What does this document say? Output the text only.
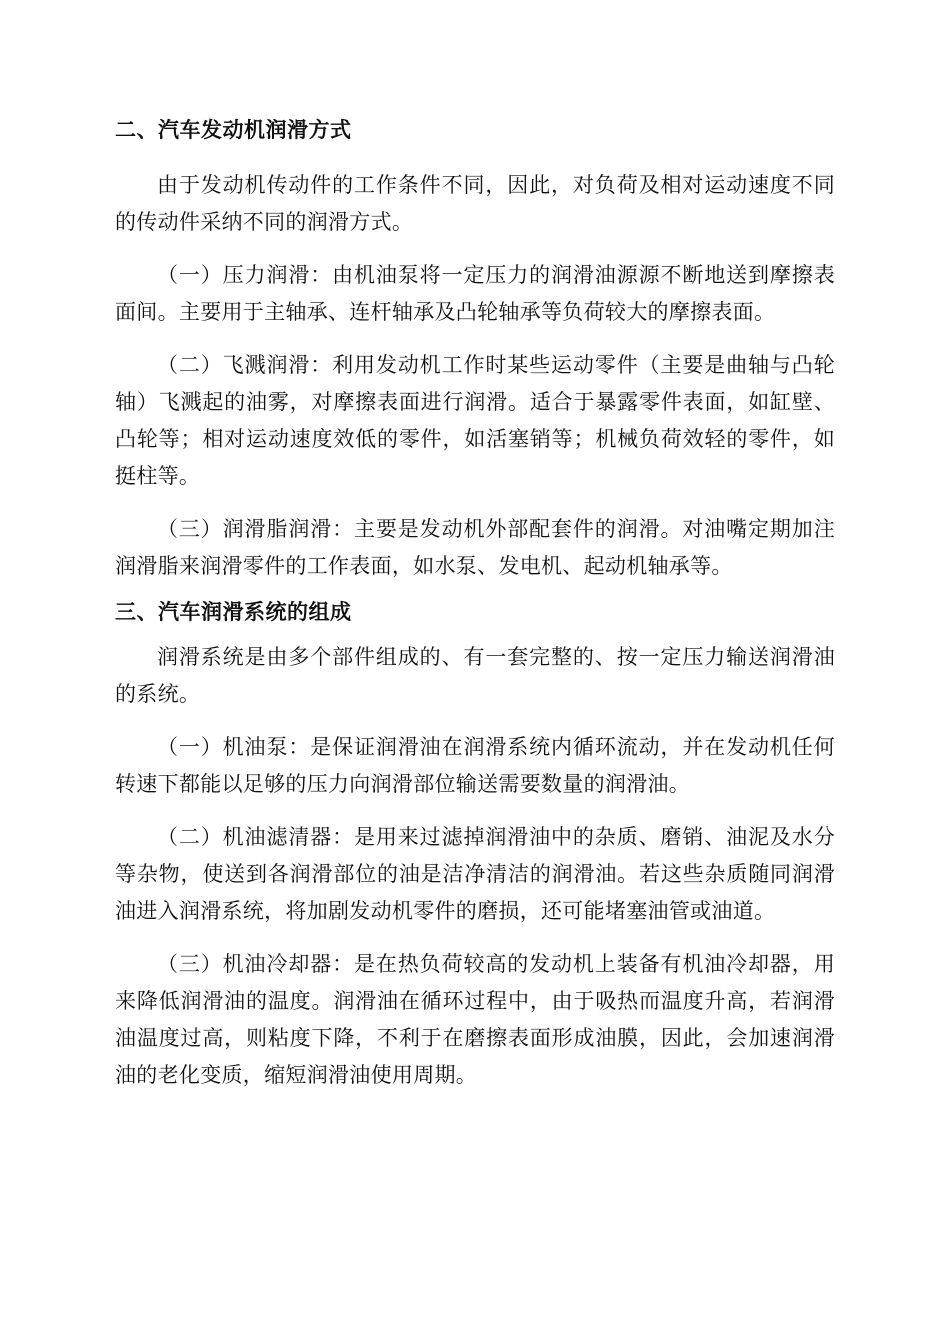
二、汽车发动机润滑方式

由于发动机传动件的工作条件不同，因此，对负荷及相对运动速度不同的传动件采纳不同的润滑方式。

（一）压力润滑：由机油泵将一定压力的润滑油源源不断地送到摩擦表面间。主要用于主轴承、连杆轴承及凸轮轴承等负荷较大的摩擦表面。

（二）飞溅润滑：利用发动机工作时某些运动零件（主要是曲轴与凸轮轴）飞溅起的油雾，对摩擦表面进行润滑。适合于暴露零件表面，如缸壁、凸轮等；相对运动速度效低的零件，如活塞销等；机械负荷效轻的零件，如挺柱等。

（三）润滑脂润滑：主要是发动机外部配套件的润滑。对油嘴定期加注润滑脂来润滑零件的工作表面，如水泵、发电机、起动机轴承等。

三、汽车润滑系统的组成

润滑系统是由多个部件组成的、有一套完整的、按一定压力输送润滑油的系统。

（一）机油泵：是保证润滑油在润滑系统内循环流动，并在发动机任何转速下都能以足够的压力向润滑部位输送需要数量的润滑油。

（二）机油滤清器：是用来过滤掉润滑油中的杂质、磨销、油泥及水分等杂物，使送到各润滑部位的油是洁净清洁的润滑油。若这些杂质随同润滑油进入润滑系统，将加剧发动机零件的磨损，还可能堵塞油管或油道。

（三）机油冷却器：是在热负荷较高的发动机上装备有机油冷却器，用来降低润滑油的温度。润滑油在循环过程中，由于吸热而温度升高，若润滑油温度过高，则粘度下降，不利于在磨擦表面形成油膜，因此，会加速润滑油的老化变质，缩短润滑油使用周期。
